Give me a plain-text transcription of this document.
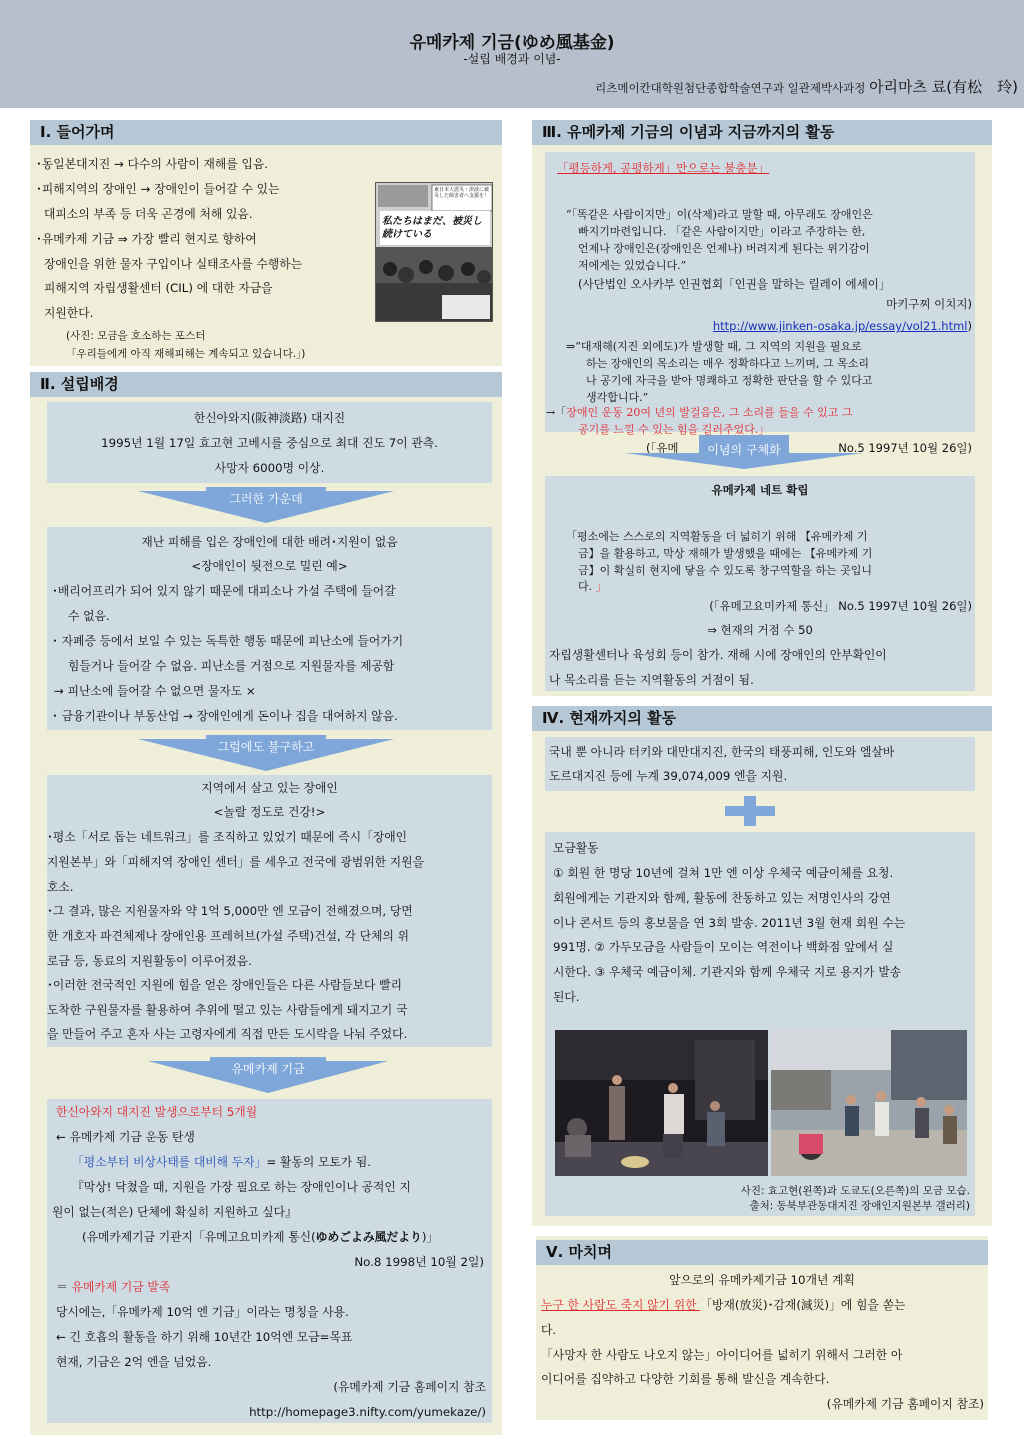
유메카제 기금(ゆめ風基金)
-설립 배경과 이념-
리츠메이칸대학원첨단종합학술연구과 일관제박사과정 아리마츠 료(有松　玲)
Ⅰ. 들어가며
･동일본대지진 → 다수의 사람이 재해를 입음.
･피해지역의 장애인 → 장애인이 들어갈 수 있는
대피소의 부족 등 더욱 곤경에 처해 있음.
･유메카제 기금 ⇒ 가장 빨리 현지로 향하여
장애인을 위한 물자 구입이나 실태조사를 수행하는
피해지역 자립생활센터 (CIL) 에 대한 자금을
지원한다.
(사진: 모금을 호소하는 포스터
「우리들에게 아직 재해피해는 계속되고 있습니다.」)
東日本大震災・津波に被災した障害者へ支援を！
私たちはまだ、被災し続けている
Ⅱ. 설립배경
한신아와지(阪神淡路) 대지진
1995년 1월 17일 효고현 고베시를 중심으로 최대 진도 7이 관측.
사망자 6000명 이상.
그러한 가운데
재난 피해를 입은 장애인에 대한 배려･지원이 없음
<장애인이 뒷전으로 밀린 예>
･배리어프리가 되어 있지 않기 때문에 대피소나 가설 주택에 들어갈
수 없음.
･ 자폐증 등에서 보일 수 있는 독특한 행동 때문에 피난소에 들어가기
힘들거나 들어갈 수 없음. 피난소를 거점으로 지원물자를 제공함
→ 피난소에 들어갈 수 없으면 물자도 ×
･ 금융기관이나 부동산업 → 장애인에게 돈이나 집을 대여하지 않음.
그럼에도 불구하고
지역에서 살고 있는 장애인
<놀랄 정도로 건강!>
･평소「서로 돕는 네트워크」를 조직하고 있었기 때문에 즉시「장애인
지원본부」와「피해지역 장애인 센터」를 세우고 전국에 광범위한 지원을
호소.
･그 결과, 많은 지원물자와 약 1억 5,000만 엔 모금이 전해졌으며, 당면
한 개호자 파견체제나 장애인용 프레허브(가설 주택)건설, 각 단체의 위
로금 등, 동료의 지원활동이 이루어졌음.
･이러한 전국적인 지원에 힘을 얻은 장애인들은 다른 사람들보다 빨리
도착한 구원물자를 활용하여 추위에 떨고 있는 사람들에게 돼지고기 국
을 만들어 주고 혼자 사는 고령자에게 직접 만든 도시락을 나눠 주었다.
유메카제 기금
한신아와지 대지진 발생으로부터 5개월
← 유메카제 기금 운동 탄생
「평소부터 비상사태를 대비해 두자」= 활동의 모토가 됨.
『막상! 닥쳤을 때, 지원을 가장 필요로 하는 장애인이나 공적인 지
원이 없는(적은) 단체에 확실히 지원하고 싶다』
(유메카제기금 기관지「유메고요미카제 통신(ゆめごよみ風だより)」
No.8 1998년 10월 2일)
＝ 유메카제 기금 발족
당시에는,「유메카제 10억 엔 기금」이라는 명칭을 사용.
← 긴 호흡의 활동을 하기 위해 10년간 10억엔 모금=목표
현재, 기금은 2억 엔을 넘었음.
(유메카제 기금 홈페이지 참조
http://homepage3.nifty.com/yumekaze/)
Ⅲ. 유메카제 기금의 이념과 지금까지의 활동
「평등하게, 공평하게」만으로는 불충분」
“「똑같은 사람이지만」이(삭제)라고 말할 때, 아무래도 장애인은
빠지기마련입니다. 「같은 사람이지만」이라고 주장하는 한,
언제나 장애인은(장애인은 언제나) 버려지게 된다는 위기감이
저에게는 있었습니다.”
(사단법인 오사카부 인권협회「인권을 말하는 릴레이 에세이」
마키구찌 이치지)
http://www.jinken-osaka.jp/essay/vol21.html)
⇒“대재해(지진 외에도)가 발생할 때, 그 지역의 지원을 필요로
하는 장애인의 목소리는 매우 정확하다고 느끼며, 그 목소리
나 공기에 자극을 받아 명쾌하고 정확한 판단을 할 수 있다고
생각합니다.”
→「장애인 운동 20여 년의 발걸음은, 그 소리를 들을 수 있고 그
공기를 느낄 수 있는 힘을 길러주었다.」
(「유메	No.5 1997년 10월 26일)
이념의 구체화
유메카제 네트 확립
「평소에는 스스로의 지역활동을 더 넓히기 위해 【유메카제 기
금】을 활용하고, 막상 재해가 발생했을 때에는 【유메카제 기
금】이 확실히 현지에 닿을 수 있도록 창구역할을 하는 곳입니
다. 」
(「유메고요미카제 통신」 No.5 1997년 10월 26일)
⇒ 현재의 거점 수 50
자립생활센터나 육성회 등이 참가. 재해 시에 장애인의 안부확인이
나 목소리를 듣는 지역활동의 거점이 됨.
Ⅳ. 현재까지의 활동
국내 뿐 아니라 터키와 대만대지진, 한국의 태풍피해, 인도와 엘살바
도르대지진 등에 누계 39,074,009 엔을 지원.
모금활동
① 회원 한 명당 10년에 걸쳐 1만 엔 이상 우체국 예금이체를 요청.
회원에게는 기관지와 함께, 활동에 찬동하고 있는 저명인사의 강연
이나 콘서트 등의 홍보물을 연 3회 발송. 2011년 3월 현재 회원 수는
991명. ② 가두모금을 사람들이 모이는 역전이나 백화점 앞에서 실
시한다. ③ 우체국 예금이체. 기관지와 함께 우체국 지로 용지가 발송
된다.
사진: 효고현(왼쪽)과 도쿄도(오른쪽)의 모금 모습.
출처: 동북부관동대지진 장애인지원본부 갤러리)
Ⅴ. 마치며
앞으로의 유메카제기금 10개년 계획
누구 한 사람도 죽지 않기 위한 「방재(放災)･감재(減災)」에 힘을 쏟는
다.
「사망자 한 사람도 나오지 않는」아이디어를 넓히기 위해서 그러한 아
이디어를 집약하고 다양한 기회를 통해 발신을 계속한다.
(유메카제 기금 홈페이지 참조)
